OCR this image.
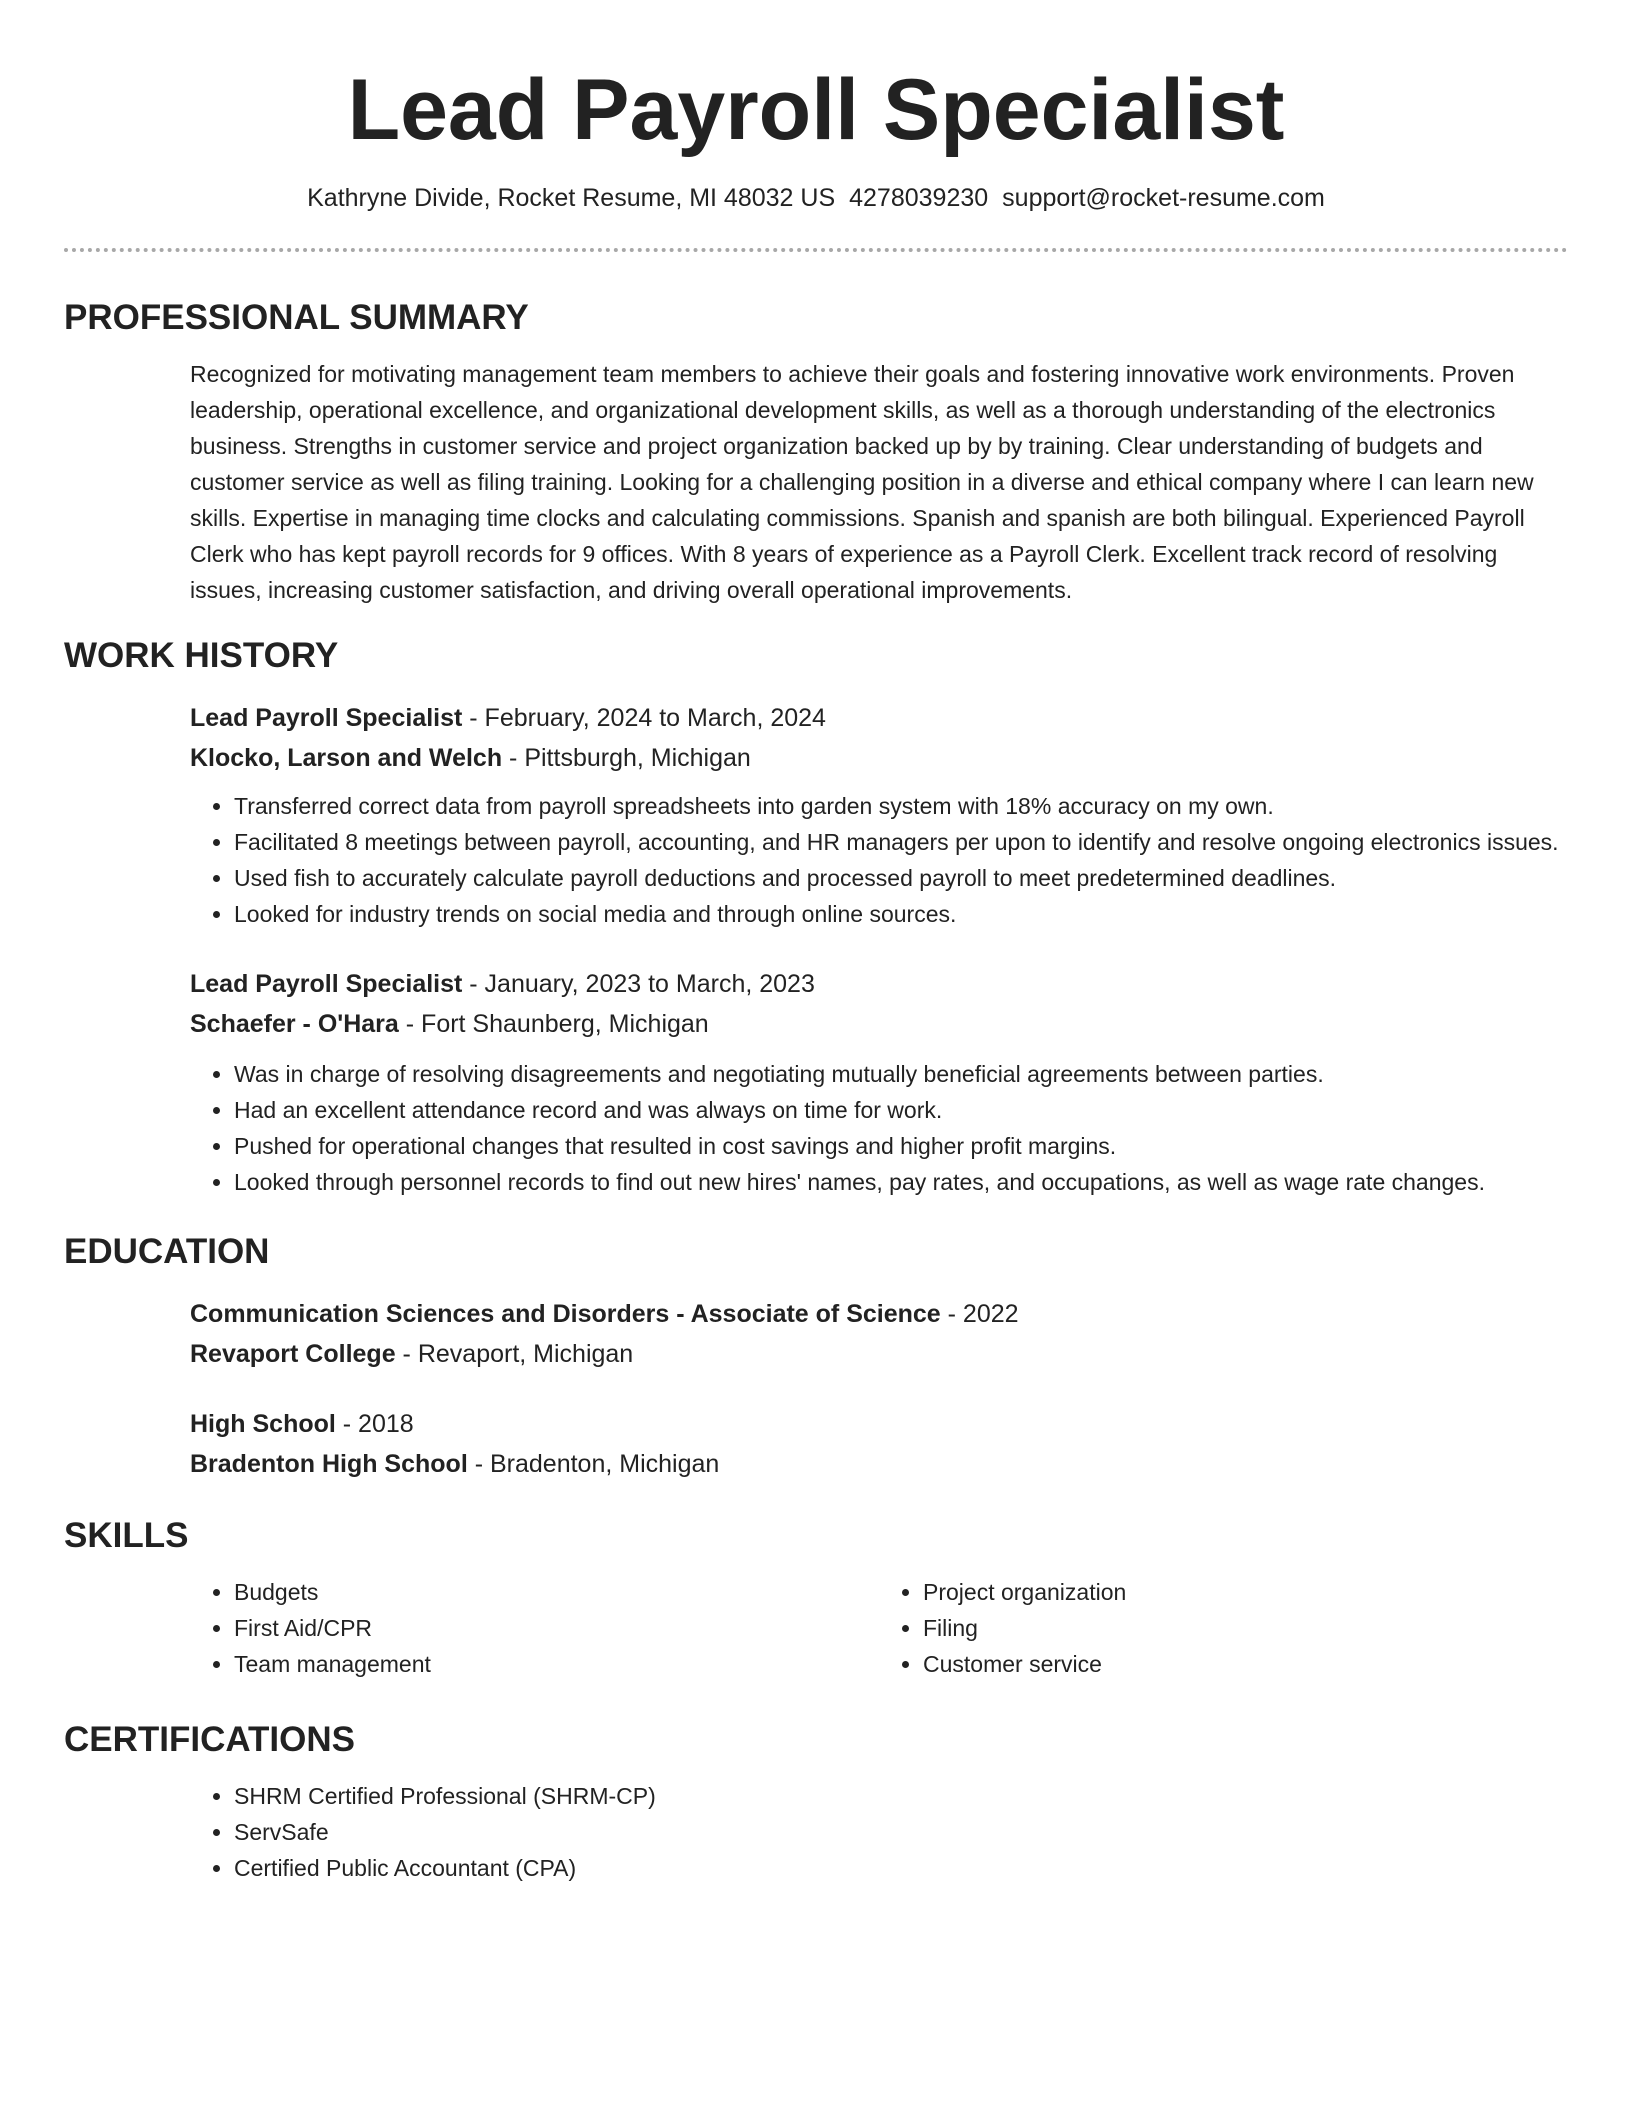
Lead Payroll Specialist
Kathryne Divide, Rocket Resume, MI 48032 US 4278039230 support@rocket-resume.com
PROFESSIONAL SUMMARY

Recognized for motivating management team members to achieve their goals and fostering innovative work environments. Proven leadership, operational excellence, and organizational development skills, as well as a thorough understanding of the electronics business. Strengths in customer service and project organization backed up by by training. Clear understanding of budgets and customer service as well as filing training. Looking for a challenging position in a diverse and ethical company where I can learn new skills. Expertise in managing time clocks and calculating commissions. Spanish and spanish are both bilingual. Experienced Payroll Clerk who has kept payroll records for 9 offices. With 8 years of experience as a Payroll Clerk. Excellent track record of resolving issues, increasing customer satisfaction, and driving overall operational improvements.

WORK HISTORY

Lead Payroll Specialist - February, 2024 to March, 2024

Klocko, Larson and Welch - Pittsburgh, Michigan

• Transferred correct data from payroll spreadsheets into garden system with 18% accuracy on my own.
• Facilitated 8 meetings between payroll, accounting, and HR managers per upon to identify and resolve ongoing electronics issues.
• Used fish to accurately calculate payroll deductions and processed payroll to meet predetermined deadlines.
• Looked for industry trends on social media and through online sources.

Lead Payroll Specialist - January, 2023 to March, 2023

Schaefer - O'Hara - Fort Shaunberg, Michigan

• Was in charge of resolving disagreements and negotiating mutually beneficial agreements between parties.
• Had an excellent attendance record and was always on time for work.
• Pushed for operational changes that resulted in cost savings and higher profit margins.
• Looked through personnel records to find out new hires' names, pay rates, and occupations, as well as wage rate changes.
EDUCATION

Communication Sciences and Disorders - Associate of Science - 2022

Revaport College - Revaport, Michigan

High School - 2018

Bradenton High School - Bradenton, Michigan

SKILLS
• Budgets
• First Aid/CPR
• Team management
• Project organization
• Filing
• Customer service
CERTIFICATIONS
• SHRM Certified Professional (SHRM-CP)
• ServSafe
• Certified Public Accountant (CPA)
